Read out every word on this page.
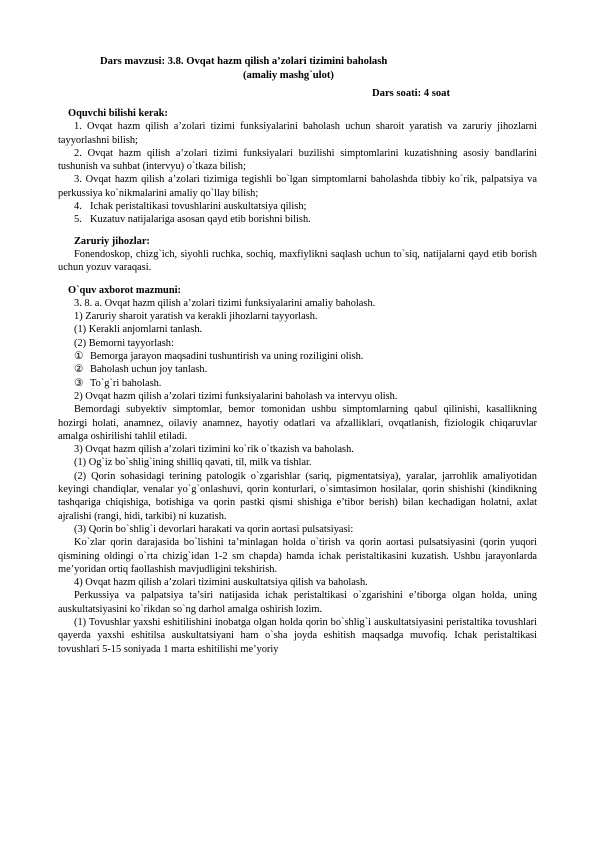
Dars mavzusi: 3.8. Ovqat hazm qilish a’zolari tizimini baholash
(amaliy mashg`ulot)
Dars soati: 4 soat

Oquvchi bilishi kerak:

1. Ovqat hazm qilish a’zolari tizimi funksiyalarini baholash uchun sharoit yaratish va zaruriy jihozlarni tayyorlashni bilish;

2. Ovqat hazm qilish a’zolari tizimi funksiyalari buzilishi simptomlarini kuzatishning asosiy bandlarini tushunish va suhbat (intervyu) o`tkaza bilish;

3. Ovqat hazm qilish a’zolari tizimiga tegishli bo`lgan simptomlarni baholashda tibbiy ko`rik, palpatsiya va perkussiya ko`nikmalarini amaliy qo`llay bilish;

4. Ichak peristaltikasi tovushlarini auskultatsiya qilish;

5. Kuzatuv natijalariga asosan qayd etib borishni bilish.

Zaruriy jihozlar:

Fonendoskop, chizg`ich, siyohli ruchka, sochiq, maxfiylikni saqlash uchun to`siq, natijalarni qayd etib borish uchun yozuv varaqasi.

O`quv axborot mazmuni:

3. 8. a. Ovqat hazm qilish a’zolari tizimi funksiyalarini amaliy baholash.

1) Zaruriy sharoit yaratish va kerakli jihozlarni tayyorlash.

(1) Kerakli anjomlarni tanlash.

(2) Bemorni tayyorlash:

① Bemorga jarayon maqsadini tushuntirish va uning roziligini olish.

② Baholash uchun joy tanlash.

③ To`g`ri baholash.

2) Ovqat hazm qilish a’zolari tizimi funksiyalarini baholash va intervyu olish.

Bemordagi subyektiv simptomlar, bemor tomonidan ushbu simptomlarning qabul qilinishi, kasallikning hozirgi holati, anamnez, oilaviy anamnez, hayotiy odatlari va afzalliklari, ovqatlanish, fiziologik chiqaruvlar amalga oshirilishi tahlil etiladi.

3) Ovqat hazm qilish a’zolari tizimini ko`rik o`tkazish va baholash.

(1) Og`iz bo`shlig`ining shilliq qavati, til, milk va tishlar.

(2) Qorin sohasidagi terining patologik o`zgarishlar (sariq, pigmentatsiya), yaralar, jarrohlik amaliyotidan keyingi chandiqlar, venalar yo`g`onlashuvi, qorin konturlari, o`simtasimon hosilalar, qorin shishishi (kindikning tashqariga chiqishiga, botishiga va qorin pastki qismi shishiga e’tibor berish) bilan kechadigan holatni, axlat ajralishi (rangi, hidi, tarkibi) ni kuzatish.

(3) Qorin bo`shlig`i devorlari harakati va qorin aortasi pulsatsiyasi:

Ko`zlar qorin darajasida bo`lishini ta’minlagan holda o`tirish va qorin aortasi pulsatsiyasini (qorin yuqori qismining oldingi o`rta chizig`idan 1-2 sm chapda) hamda ichak peristaltikasini kuzatish. Ushbu jarayonlarda me’yoridan ortiq faollashish mavjudligini tekshirish.

4) Ovqat hazm qilish a’zolari tizimini auskultatsiya qilish va baholash.

Perkussiya va palpatsiya ta’siri natijasida ichak peristaltikasi o`zgarishini e’tiborga olgan holda, uning auskultatsiyasini ko`rikdan so`ng darhol amalga oshirish lozim.

(1) Tovushlar yaxshi eshitilishini inobatga olgan holda qorin bo`shlig`i auskultatsiyasini peristaltika tovushlari qayerda yaxshi eshitilsa auskultatsiyani ham o`sha joyda eshitish maqsadga muvofiq. Ichak peristaltikasi tovushlari 5-15 soniyada 1 marta eshitilishi me’yoriy
